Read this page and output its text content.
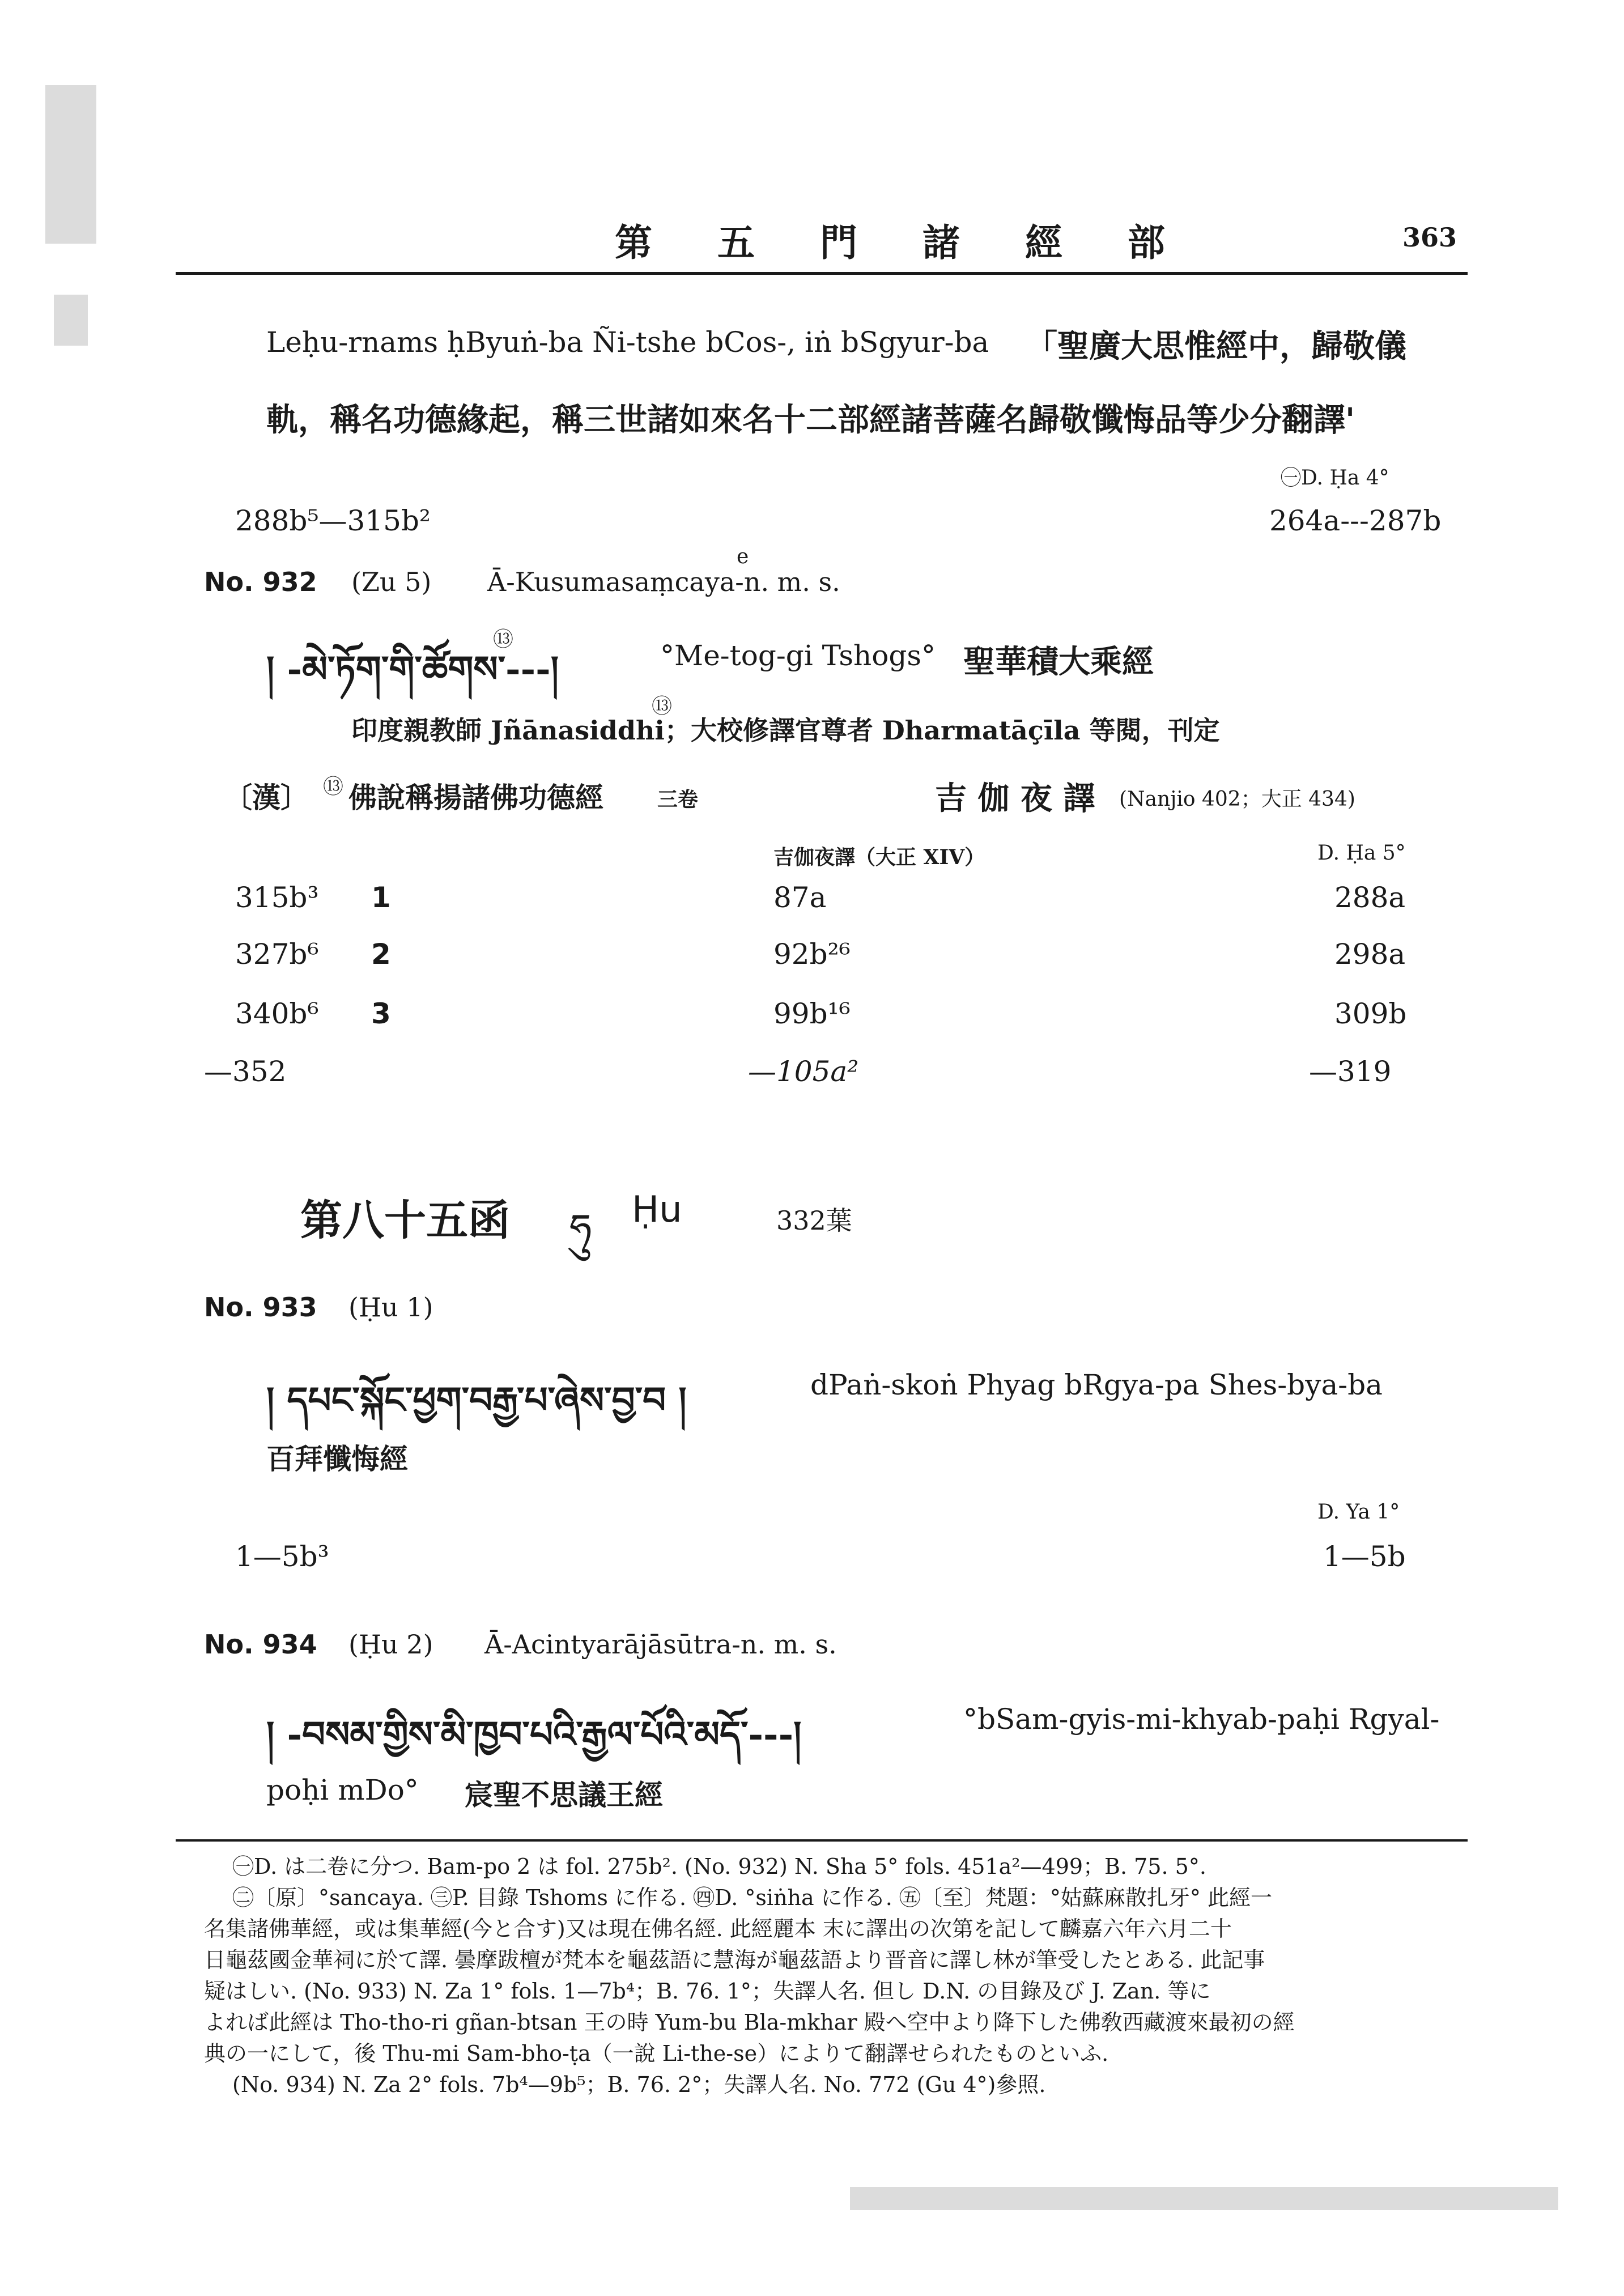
第 五 門 諸 經 部	363
Leḥu-rnams ḥByuṅ-ba Ñi-tshe bCos-, iṅ bSgyur-ba 「聖廣大思惟經中，歸敬儀
軌，稱名功德緣起，稱三世諸如來名十二部經諸菩薩名歸敬懺悔品等少分翻譯'
㊀D. Ḥa 4°
288b⁵—315b²	264a---287b
No. 932 (Zu 5) Ā-Kusumasaṃcaya-n. m. s.
e
། -མེ་ཏོག་གི་ཚོགས་---།
⑬	°Me-tog-gi Tshogs° 聖華積大乘經
印度親教師 Jñānasiddhi；大校修譯官尊者 Dharmatāçīla 等閱，刊定
⑬
〔漢〕 ⑬ 佛說稱揚諸佛功德經	三卷	吉 伽 夜 譯 (Nanjio 402；大正 434)
吉伽夜譯（大正 XIV）	D. Ḥa 5°
315b³ 1	87a	288a
327b⁶ 2	92b²⁶	298a
340b⁶ 3	99b¹⁶	309b
—352	—105a²	—319
第八十五函 ཧུ Ḥu	332葉
No. 933 (Ḥu 1)
། དཔང་སྐོང་ཕྱག་བརྒྱ་པ་ཞེས་བྱ་བ །	dPaṅ-skoṅ Phyag bRgya-pa Shes-bya-ba
百拜懺悔經
D. Ya 1°
1—5b³	1—5b
No. 934 (Ḥu 2) Ā-Acintyarājāsūtra-n. m. s.
། -བསམ་གྱིས་མི་ཁྱབ་པའི་རྒྱལ་པོའི་མདོ་---།	°bSam-gyis-mi-khyab-paḥi Rgyal-
poḥi mDo° 宸聖不思議王經
㊀D. は二卷に分つ. Bam-po 2 は fol. 275b². (No. 932) N. Sha 5° fols. 451a²—499；B. 75. 5°.
㊁〔原〕°sancaya. ㊂P. 目錄 Tshoms に作る. ㊃D. °siṅha に作る. ㊄〔至〕梵題：°姑蘇麻散扎牙° 此經一
名集諸佛華經，或は集華經(今と合す)又は現在佛名經. 此經麗本 末に譯出の次第を記して麟嘉六年六月二十
日龜茲國金華祠に於て譯. 曇摩跋檀が梵本を龜茲語に慧海が龜茲語より晋音に譯し林が筆受したとある. 此記事
疑はしい. (No. 933) N. Za 1° fols. 1—7b⁴；B. 76. 1°；失譯人名. 但し D.N. の目錄及び J. Zan. 等に
よれば此經は Tho-tho-ri gñan-btsan 王の時 Yum-bu Bla-mkhar 殿へ空中より降下した佛敎西藏渡來最初の經
典の一にして，後 Thu-mi Sam-bho-ṭa（一說 Li-the-se）によりて翻譯せられたものといふ.
(No. 934) N. Za 2° fols. 7b⁴—9b⁵；B. 76. 2°；失譯人名. No. 772 (Gu 4°)參照.
